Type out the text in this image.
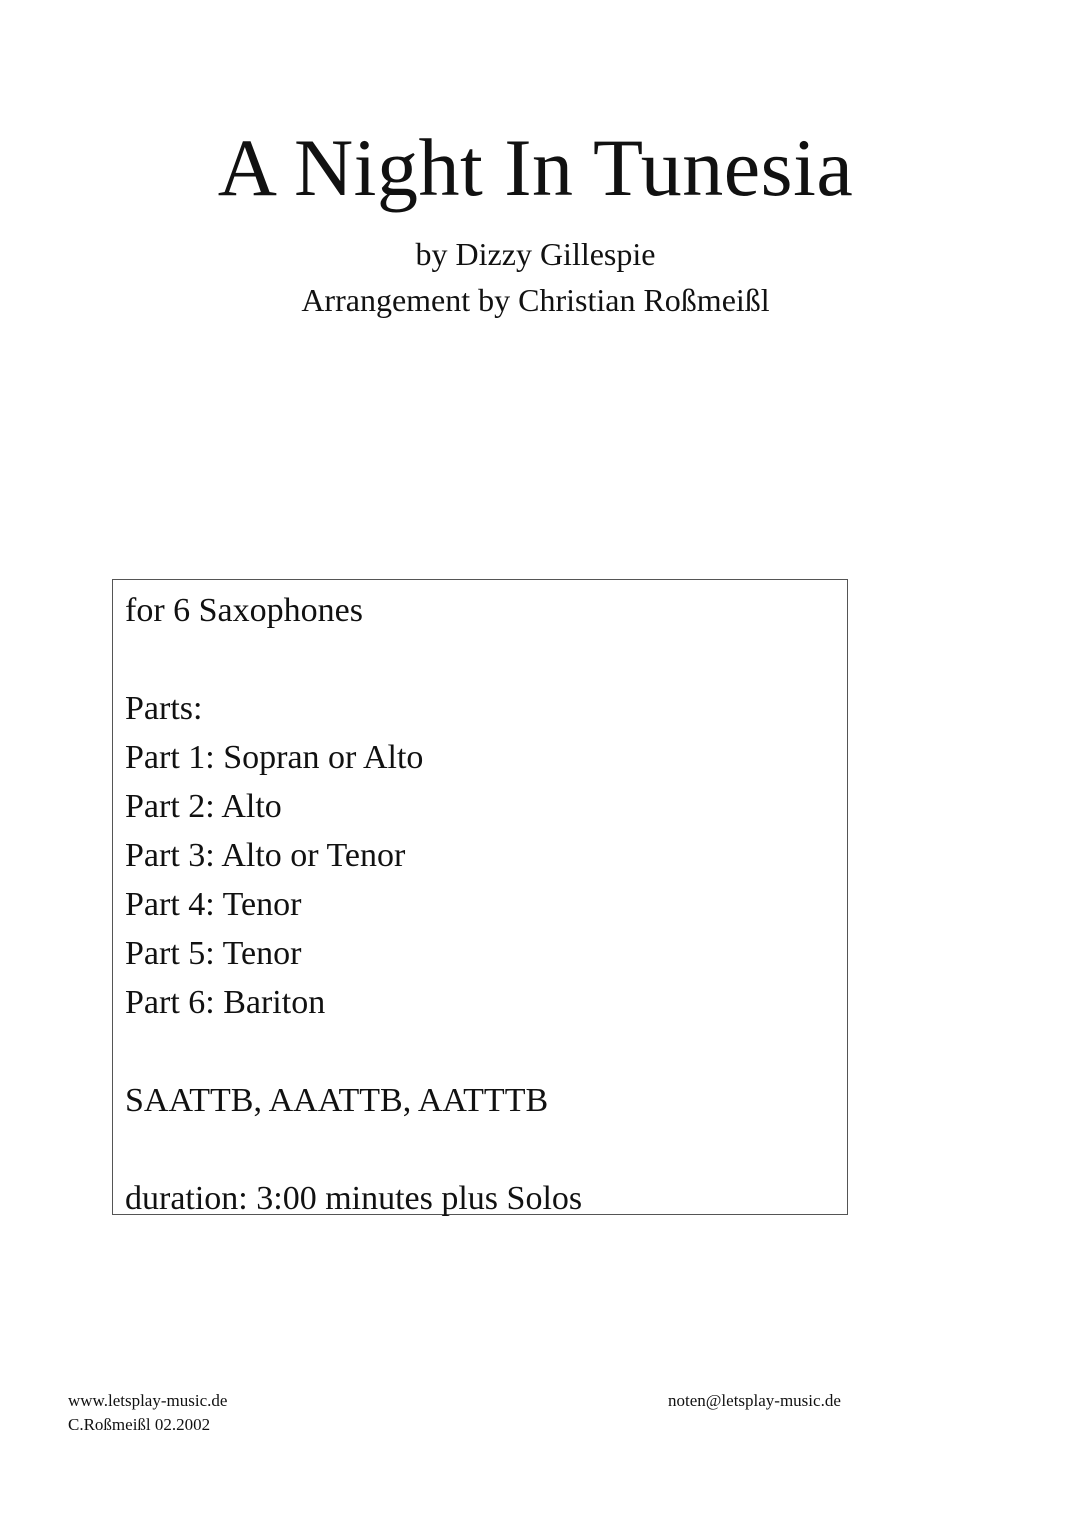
A Night In Tunesia
by Dizzy Gillespie
Arrangement by Christian Roßmeißl
for 6 Saxophones
Parts:
Part 1: Sopran or Alto
Part 2: Alto
Part 3: Alto or Tenor
Part 4: Tenor
Part 5: Tenor
Part 6: Bariton
SAATTB, AAATTB, AATTTB
duration: 3:00 minutes plus Solos
www.letsplay-music.de
C.Roßmeißl 02.2002
noten@letsplay-music.de
